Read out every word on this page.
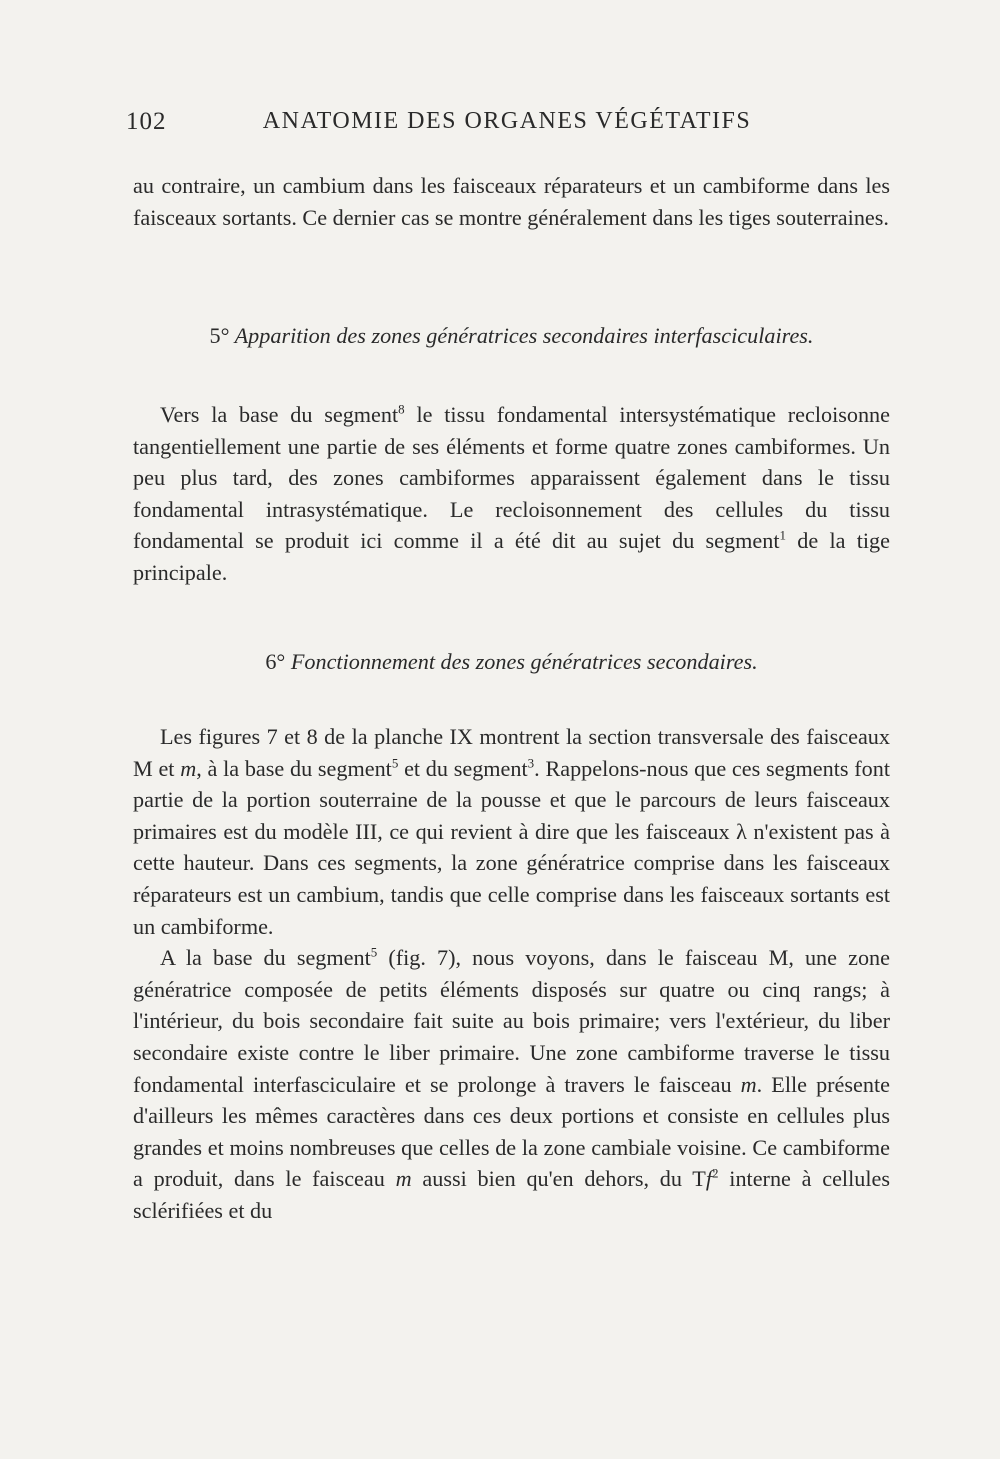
102	ANATOMIE DES ORGANES VÉGÉTATIFS

au contraire, un cambium dans les faisceaux réparateurs et un cambiforme dans les faisceaux sortants. Ce dernier cas se montre généralement dans les tiges souterraines.

5° Apparition des zones génératrices secondaires interfasciculaires.

Vers la base du segment$^8$ le tissu fondamental intersystématique recloisonne tangentiellement une partie de ses éléments et forme quatre zones cambiformes. Un peu plus tard, des zones cambiformes apparaissent également dans le tissu fondamental intrasystématique. Le recloisonnement des cellules du tissu fondamental se produit ici comme il a été dit au sujet du segment$^1$ de la tige principale.

6° Fonctionnement des zones génératrices secondaires.

Les figures 7 et 8 de la planche IX montrent la section transversale des faisceaux M et m, à la base du segment$^5$ et du segment$^3$. Rappelons-nous que ces segments font partie de la portion souterraine de la pousse et que le parcours de leurs faisceaux primaires est du modèle III, ce qui revient à dire que les faisceaux λ n'existent pas à cette hauteur. Dans ces segments, la zone génératrice comprise dans les faisceaux réparateurs est un cambium, tandis que celle comprise dans les faisceaux sortants est un cambiforme.

A la base du segment$^5$ (fig. 7), nous voyons, dans le faisceau M, une zone génératrice composée de petits éléments disposés sur quatre ou cinq rangs; à l'intérieur, du bois secondaire fait suite au bois primaire; vers l'extérieur, du liber secondaire existe contre le liber primaire. Une zone cambiforme traverse le tissu fondamental interfasciculaire et se prolonge à travers le faisceau m. Elle présente d'ailleurs les mêmes caractères dans ces deux portions et consiste en cellules plus grandes et moins nombreuses que celles de la zone cambiale voisine. Ce cambiforme a produit, dans le faisceau m aussi bien qu'en dehors, du Tf$^2$ interne à cellules sclérifiées et du
